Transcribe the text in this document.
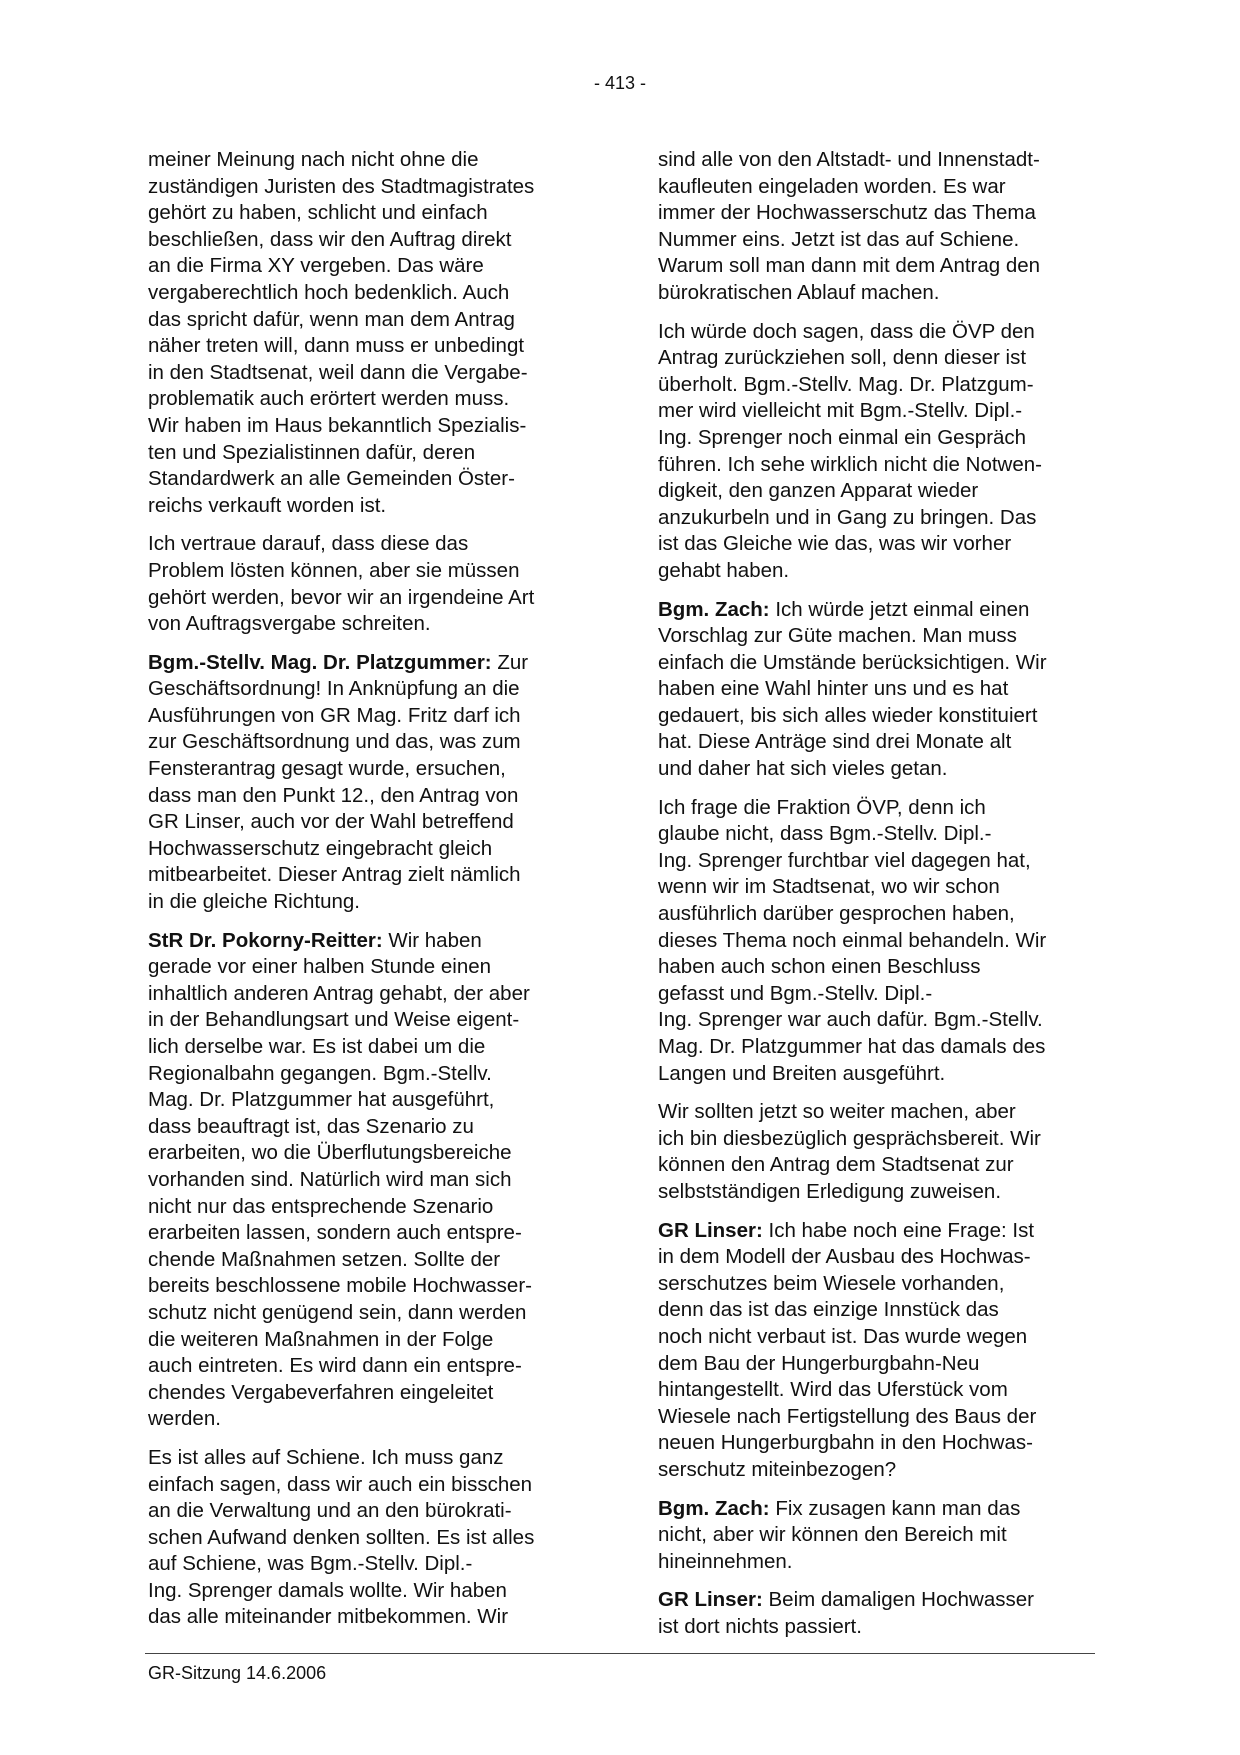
- 413 -
meiner Meinung nach nicht ohne die
zuständigen Juristen des Stadtmagistrates
gehört zu haben, schlicht und einfach
beschließen, dass wir den Auftrag direkt
an die Firma XY vergeben. Das wäre
vergaberechtlich hoch bedenklich. Auch
das spricht dafür, wenn man dem Antrag
näher treten will, dann muss er unbedingt
in den Stadtsenat, weil dann die Vergabe-
problematik auch erörtert werden muss.
Wir haben im Haus bekanntlich Spezialis-
ten und Spezialistinnen dafür, deren
Standardwerk an alle Gemeinden Öster-
reichs verkauft worden ist.
Ich vertraue darauf, dass diese das
Problem lösten können, aber sie müssen
gehört werden, bevor wir an irgendeine Art
von Auftragsvergabe schreiten.
Bgm.-Stellv. Mag. Dr. Platzgummer: Zur
Geschäftsordnung! In Anknüpfung an die
Ausführungen von GR Mag. Fritz darf ich
zur Geschäftsordnung und das, was zum
Fensterantrag gesagt wurde, ersuchen,
dass man den Punkt 12., den Antrag von
GR Linser, auch vor der Wahl betreffend
Hochwasserschutz eingebracht gleich
mitbearbeitet. Dieser Antrag zielt nämlich
in die gleiche Richtung.
StR Dr. Pokorny-Reitter: Wir haben
gerade vor einer halben Stunde einen
inhaltlich anderen Antrag gehabt, der aber
in der Behandlungsart und Weise eigent-
lich derselbe war. Es ist dabei um die
Regionalbahn gegangen. Bgm.-Stellv.
Mag. Dr. Platzgummer hat ausgeführt,
dass beauftragt ist, das Szenario zu
erarbeiten, wo die Überflutungsbereiche
vorhanden sind. Natürlich wird man sich
nicht nur das entsprechende Szenario
erarbeiten lassen, sondern auch entspre-
chende Maßnahmen setzen. Sollte der
bereits beschlossene mobile Hochwasser-
schutz nicht genügend sein, dann werden
die weiteren Maßnahmen in der Folge
auch eintreten. Es wird dann ein entspre-
chendes Vergabeverfahren eingeleitet
werden.
Es ist alles auf Schiene. Ich muss ganz
einfach sagen, dass wir auch ein bisschen
an die Verwaltung und an den bürokrati-
schen Aufwand denken sollten. Es ist alles
auf Schiene, was Bgm.-Stellv. Dipl.-
Ing. Sprenger damals wollte. Wir haben
das alle miteinander mitbekommen. Wir
sind alle von den Altstadt- und Innenstadt-
kaufleuten eingeladen worden. Es war
immer der Hochwasserschutz das Thema
Nummer eins. Jetzt ist das auf Schiene.
Warum soll man dann mit dem Antrag den
bürokratischen Ablauf machen.
Ich würde doch sagen, dass die ÖVP den
Antrag zurückziehen soll, denn dieser ist
überholt. Bgm.-Stellv. Mag. Dr. Platzgum-
mer wird vielleicht mit Bgm.-Stellv. Dipl.-
Ing. Sprenger noch einmal ein Gespräch
führen. Ich sehe wirklich nicht die Notwen-
digkeit, den ganzen Apparat wieder
anzukurbeln und in Gang zu bringen. Das
ist das Gleiche wie das, was wir vorher
gehabt haben.
Bgm. Zach: Ich würde jetzt einmal einen
Vorschlag zur Güte machen. Man muss
einfach die Umstände berücksichtigen. Wir
haben eine Wahl hinter uns und es hat
gedauert, bis sich alles wieder konstituiert
hat. Diese Anträge sind drei Monate alt
und daher hat sich vieles getan.
Ich frage die Fraktion ÖVP, denn ich
glaube nicht, dass Bgm.-Stellv. Dipl.-
Ing. Sprenger furchtbar viel dagegen hat,
wenn wir im Stadtsenat, wo wir schon
ausführlich darüber gesprochen haben,
dieses Thema noch einmal behandeln. Wir
haben auch schon einen Beschluss
gefasst und Bgm.-Stellv. Dipl.-
Ing. Sprenger war auch dafür. Bgm.-Stellv.
Mag. Dr. Platzgummer hat das damals des
Langen und Breiten ausgeführt.
Wir sollten jetzt so weiter machen, aber
ich bin diesbezüglich gesprächsbereit. Wir
können den Antrag dem Stadtsenat zur
selbstständigen Erledigung zuweisen.
GR Linser: Ich habe noch eine Frage: Ist
in dem Modell der Ausbau des Hochwas-
serschutzes beim Wiesele vorhanden,
denn das ist das einzige Innstück das
noch nicht verbaut ist. Das wurde wegen
dem Bau der Hungerburgbahn-Neu
hintangestellt. Wird das Uferstück vom
Wiesele nach Fertigstellung des Baus der
neuen Hungerburgbahn in den Hochwas-
serschutz miteinbezogen?
Bgm. Zach: Fix zusagen kann man das
nicht, aber wir können den Bereich mit
hineinnehmen.
GR Linser: Beim damaligen Hochwasser
ist dort nichts passiert.
GR-Sitzung 14.6.2006
